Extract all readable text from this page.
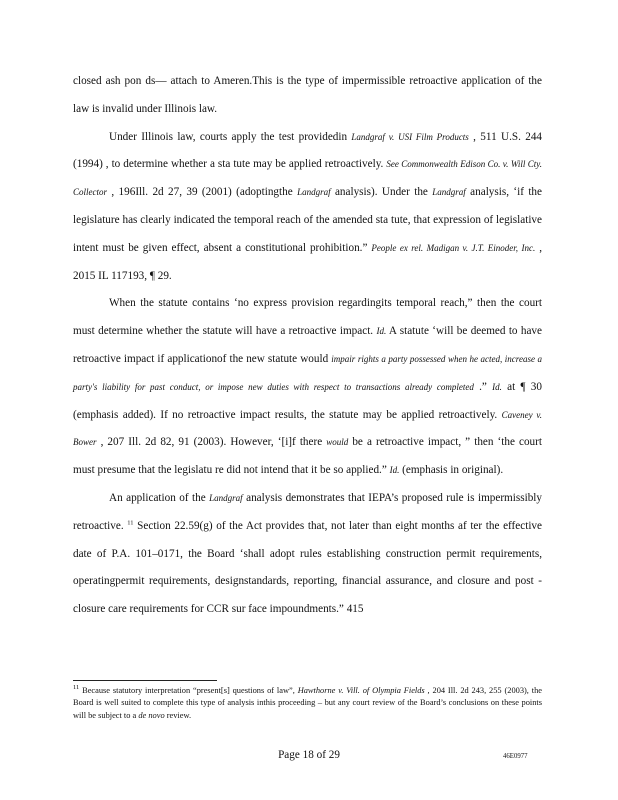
closed ash pon ds— attach to Ameren.This is the type of impermissible retroactive application of the law is invalid under Illinois law.

Under Illinois law, courts apply the test providedin Landgraf v. USI Film Products , 511 U.S. 244 (1994) , to determine whether a sta tute may be applied retroactively. See Commonwealth Edison Co. v. Will Cty. Collector , 196Ill. 2d 27, 39 (2001) (adoptingthe Landgraf analysis). Under the Landgraf analysis, ‘if the legislature has clearly indicated the temporal reach of the amended sta tute, that expression of legislative intent must be given effect, absent a constitutional prohibition.” People ex rel. Madigan v. J.T. Einoder, Inc. , 2015 IL 117193, ¶ 29.

When the statute contains ‘no express provision regardingits temporal reach,” then the court must determine whether the statute will have a retroactive impact. Id. A statute ‘will be deemed to have retroactive impact if applicationof the new statute would impair rights a party possessed when he acted, increase a party's liability for past conduct, or impose new duties with respect to transactions already completed .” Id. at ¶ 30 (emphasis added). If no retroactive impact results, the statute may be applied retroactively. Caveney v. Bower , 207 Ill. 2d 82, 91 (2003). However, ‘[i]f there would be a retroactive impact, ” then ‘the court must presume that the legislatu re did not intend that it be so applied.” Id. (emphasis in original).

An application of the Landgraf analysis demonstrates that IEPA’s proposed rule is impermissibly retroactive. $^{11}$ Section 22.59(g) of the Act provides that, not later than eight months af ter the effective date of P.A. 101–0171, the Board ‘shall adopt rules establishing construction permit requirements, operatingpermit requirements, designstandards, reporting, financial assurance, and closure and post -closure care requirements for CCR sur face impoundments.” 415

$^{11}$ Because statutory interpretation “present[s] questions of law”, Hawthorne v. Vill. of Olympia Fields , 204 Ill. 2d 243, 255 (2003), the Board is well suited to complete this type of analysis inthis proceeding – but any court review of the Board’s conclusions on these points will be subject to a de novo review.

Page 18 of 29	46E0977
